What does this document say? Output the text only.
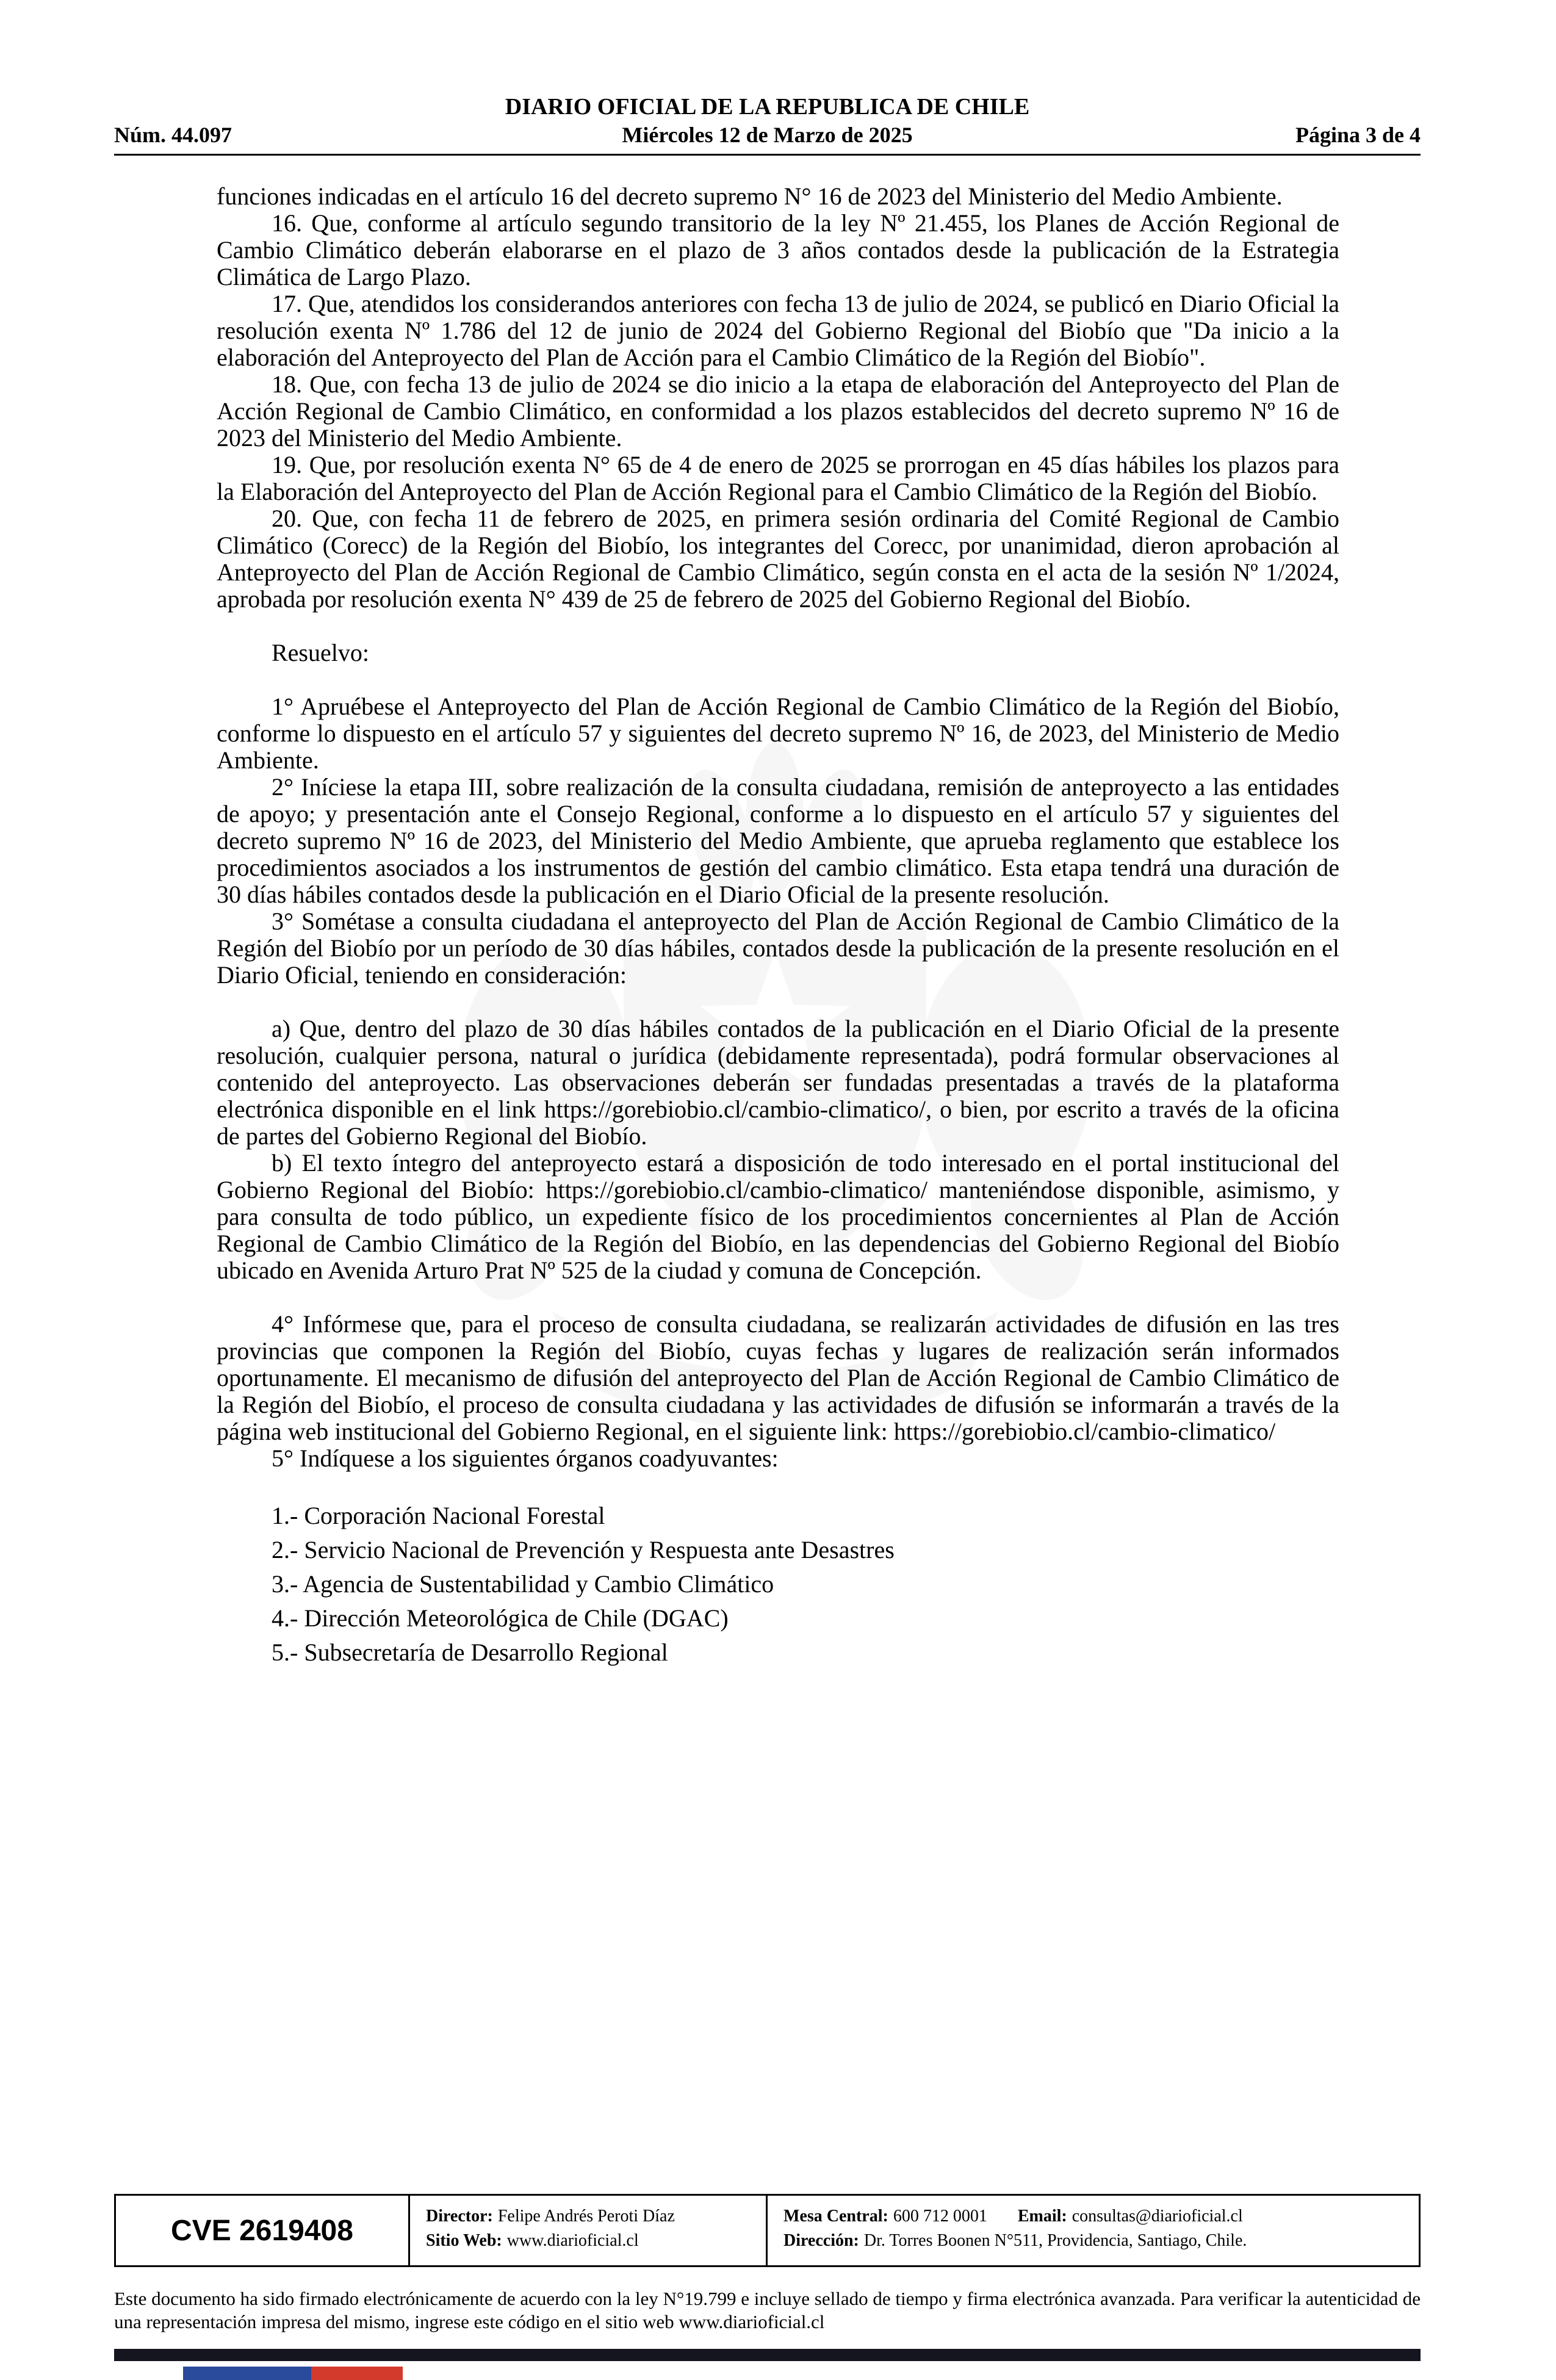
Núm. 44.097
DIARIO OFICIAL DE LA REPUBLICA DE CHILE
Miércoles 12 de Marzo de 2025	Página 3 de 4

funciones indicadas en el artículo 16 del decreto supremo N° 16 de 2023 del Ministerio del Medio Ambiente.

16. Que, conforme al artículo segundo transitorio de la ley Nº 21.455, los Planes de Acción Regional de Cambio Climático deberán elaborarse en el plazo de 3 años contados desde la publicación de la Estrategia Climática de Largo Plazo.

17. Que, atendidos los considerandos anteriores con fecha 13 de julio de 2024, se publicó en Diario Oficial la resolución exenta Nº 1.786 del 12 de junio de 2024 del Gobierno Regional del Biobío que "Da inicio a la elaboración del Anteproyecto del Plan de Acción para el Cambio Climático de la Región del Biobío".

18. Que, con fecha 13 de julio de 2024 se dio inicio a la etapa de elaboración del Anteproyecto del Plan de Acción Regional de Cambio Climático, en conformidad a los plazos establecidos del decreto supremo Nº 16 de 2023 del Ministerio del Medio Ambiente.

19. Que, por resolución exenta N° 65 de 4 de enero de 2025 se prorrogan en 45 días hábiles los plazos para la Elaboración del Anteproyecto del Plan de Acción Regional para el Cambio Climático de la Región del Biobío.

20. Que, con fecha 11 de febrero de 2025, en primera sesión ordinaria del Comité Regional de Cambio Climático (Corecc) de la Región del Biobío, los integrantes del Corecc, por unanimidad, dieron aprobación al Anteproyecto del Plan de Acción Regional de Cambio Climático, según consta en el acta de la sesión Nº 1/2024, aprobada por resolución exenta N° 439 de 25 de febrero de 2025 del Gobierno Regional del Biobío.

Resuelvo:

1° Apruébese el Anteproyecto del Plan de Acción Regional de Cambio Climático de la Región del Biobío, conforme lo dispuesto en el artículo 57 y siguientes del decreto supremo Nº 16, de 2023, del Ministerio de Medio Ambiente.

2° Iníciese la etapa III, sobre realización de la consulta ciudadana, remisión de anteproyecto a las entidades de apoyo; y presentación ante el Consejo Regional, conforme a lo dispuesto en el artículo 57 y siguientes del decreto supremo Nº 16 de 2023, del Ministerio del Medio Ambiente, que aprueba reglamento que establece los procedimientos asociados a los instrumentos de gestión del cambio climático. Esta etapa tendrá una duración de 30 días hábiles contados desde la publicación en el Diario Oficial de la presente resolución.

3° Sométase a consulta ciudadana el anteproyecto del Plan de Acción Regional de Cambio Climático de la Región del Biobío por un período de 30 días hábiles, contados desde la publicación de la presente resolución en el Diario Oficial, teniendo en consideración:

a) Que, dentro del plazo de 30 días hábiles contados de la publicación en el Diario Oficial de la presente resolución, cualquier persona, natural o jurídica (debidamente representada), podrá formular observaciones al contenido del anteproyecto. Las observaciones deberán ser fundadas presentadas a través de la plataforma electrónica disponible en el link https://gorebiobio.cl/cambio-climatico/, o bien, por escrito a través de la oficina de partes del Gobierno Regional del Biobío.

b) El texto íntegro del anteproyecto estará a disposición de todo interesado en el portal institucional del Gobierno Regional del Biobío: https://gorebiobio.cl/cambio-climatico/ manteniéndose disponible, asimismo, y para consulta de todo público, un expediente físico de los procedimientos concernientes al Plan de Acción Regional de Cambio Climático de la Región del Biobío, en las dependencias del Gobierno Regional del Biobío ubicado en Avenida Arturo Prat Nº 525 de la ciudad y comuna de Concepción.

4° Infórmese que, para el proceso de consulta ciudadana, se realizarán actividades de difusión en las tres provincias que componen la Región del Biobío, cuyas fechas y lugares de realización serán informados oportunamente. El mecanismo de difusión del anteproyecto del Plan de Acción Regional de Cambio Climático de la Región del Biobío, el proceso de consulta ciudadana y las actividades de difusión se informarán a través de la página web institucional del Gobierno Regional, en el siguiente link: https://gorebiobio.cl/cambio-climatico/

5° Indíquese a los siguientes órganos coadyuvantes:

1.- Corporación Nacional Forestal
2.- Servicio Nacional de Prevención y Respuesta ante Desastres
3.- Agencia de Sustentabilidad y Cambio Climático
4.- Dirección Meteorológica de Chile (DGAC)
5.- Subsecretaría de Desarrollo Regional
CVE 2619408	Director: Felipe Andrés Peroti Díaz
Sitio Web: www.diarioficial.cl
Mesa Central: 600 712 0001 Email: consultas@diarioficial.cl
Dirección: Dr. Torres Boonen N°511, Providencia, Santiago, Chile.
Este documento ha sido firmado electrónicamente de acuerdo con la ley N°19.799 e incluye sellado de tiempo y firma electrónica avanzada. Para verificar la autenticidad de una representación impresa del mismo, ingrese este código en el sitio web www.diarioficial.cl
